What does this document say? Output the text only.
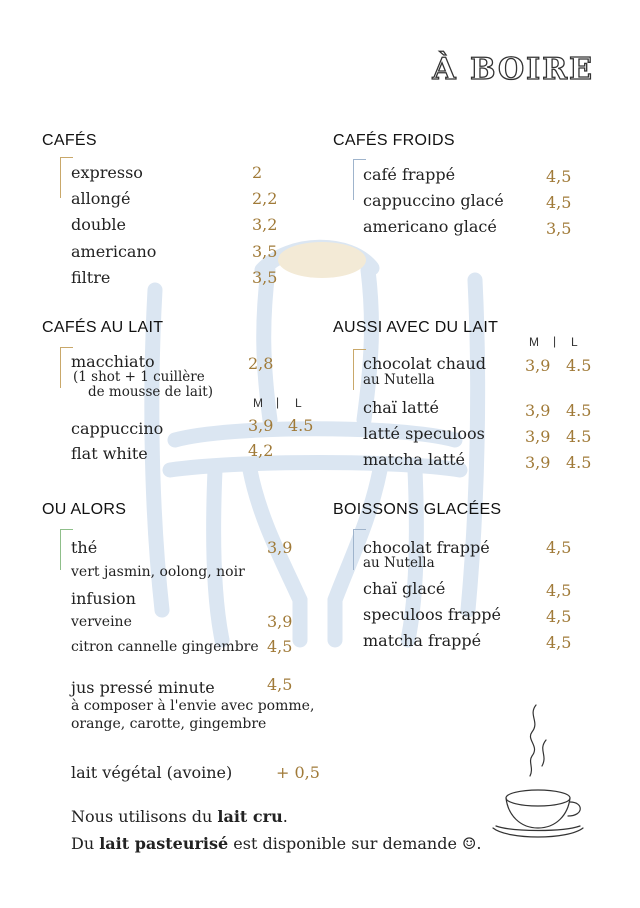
À BOIRE
CAFÉS
expresso	2
allongé	2,2
double	3,2
americano	3,5
filtre	3,5
CAFÉS FROIDS
café frappé	4,5
cappuccino glacé	4,5
americano glacé	3,5
CAFÉS AU LAIT
macchiato	2,8
(1 shot + 1 cuillère
de mousse de lait)
M | L
cappuccino	3,9 4.5
flat white	4,2
AUSSI AVEC DU LAIT
M | L
chocolat chaud
au Nutella
3,9 4.5
chaï latté	3,9 4.5
latté speculoos	3,9 4.5
matcha latté	3,9 4.5
OU ALORS
thé	3,9
vert jasmin, oolong, noir
infusion
verveine	3,9
citron cannelle gingembre 4,5
jus pressé minute	4,5
à composer à l'envie avec pomme,
orange, carotte, gingembre
lait végétal (avoine)	+ 0,5
BOISSONS GLACÉES
chocolat frappé
au Nutella
4,5
chaï glacé	4,5
speculoos frappé	4,5
matcha frappé	4,5
Nous utilisons du lait cru.
Du lait pasteurisé est disponible sur demande ☺.
